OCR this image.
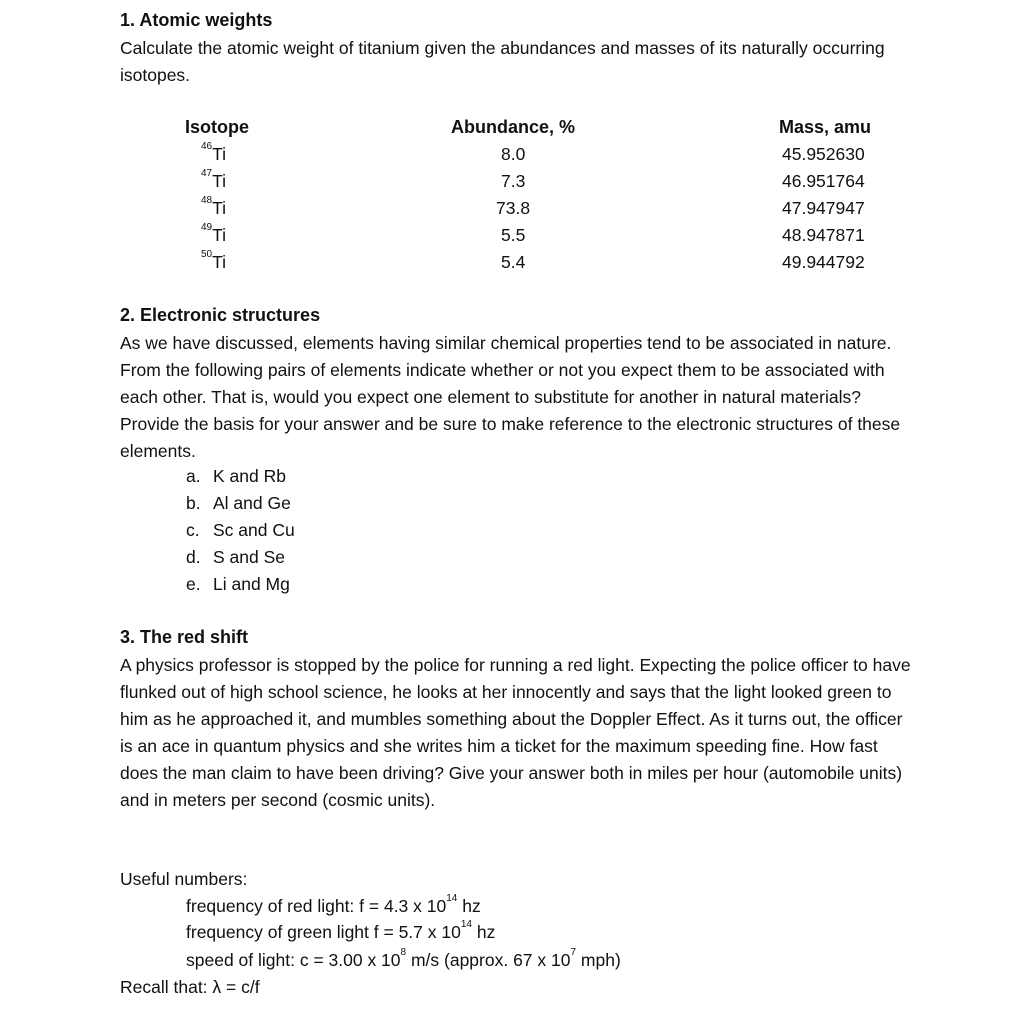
1. Atomic weights
Calculate the atomic weight of titanium given the abundances and masses of its naturally occurring isotopes.
Isotope	Abundance, %	Mass, amu
$^{46}$Ti	8.0	45.952630
$^{47}$Ti	7.3	46.951764
$^{48}$Ti	73.8	47.947947
$^{49}$Ti	5.5	48.947871
$^{50}$Ti	5.4	49.944792
2. Electronic structures
As we have discussed, elements having similar chemical properties tend to be associated in nature. From the following pairs of elements indicate whether or not you expect them to be associated with each other. That is, would you expect one element to substitute for another in natural materials? Provide the basis for your answer and be sure to make reference to the electronic structures of these elements.
a. K and Rb
b. Al and Ge
c. Sc and Cu
d. S and Se
e. Li and Mg
3. The red shift
A physics professor is stopped by the police for running a red light. Expecting the police officer to have flunked out of high school science, he looks at her innocently and says that the light looked green to him as he approached it, and mumbles something about the Doppler Effect. As it turns out, the officer is an ace in quantum physics and she writes him a ticket for the maximum speeding fine. How fast does the man claim to have been driving? Give your answer both in miles per hour (automobile units) and in meters per second (cosmic units).
Useful numbers:
frequency of red light: f = 4.3 x $10^{14}$ hz
frequency of green light f = 5.7 x $10^{14}$ hz
speed of light: c = 3.00 x $10^8$ m/s (approx. 67 x $10^7$ mph)
Recall that: λ = c/f
